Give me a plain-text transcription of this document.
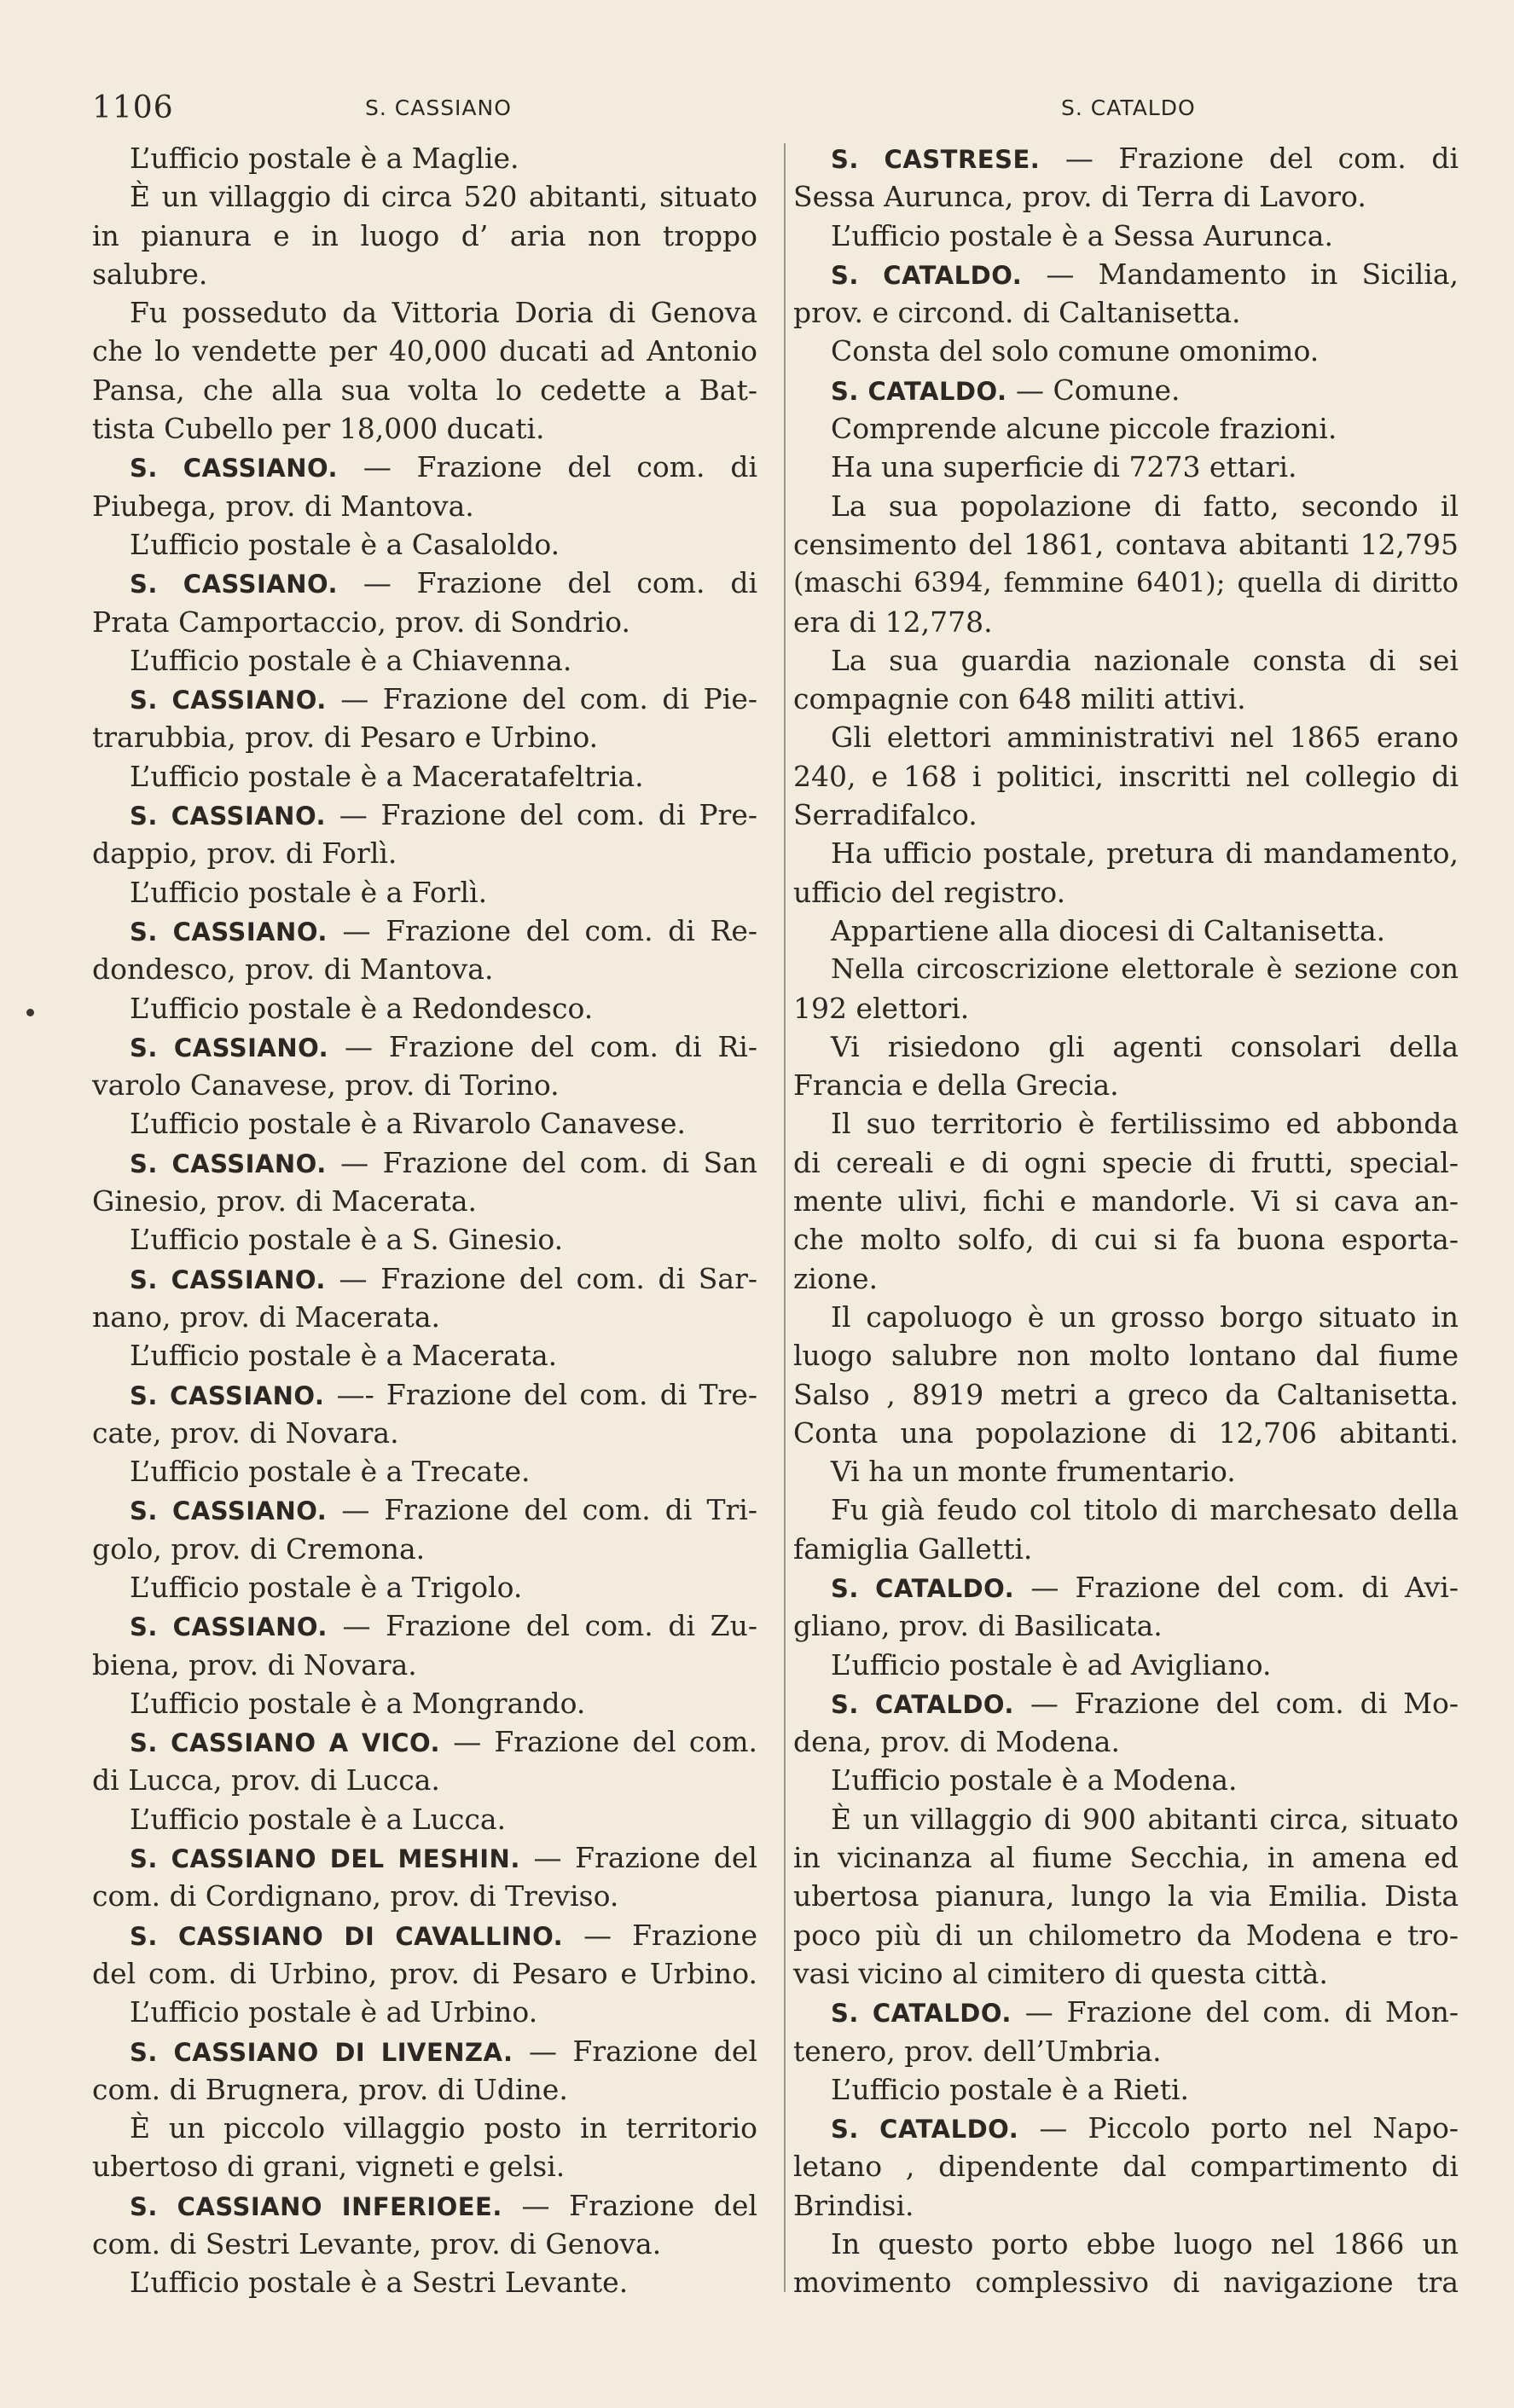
1106	S. CASSIANO	S. CATALDO
L’ufficio postale è a Maglie.
È un villaggio di circa 520 abitanti, situato
in pianura e in luogo d’ aria non troppo
salubre.
Fu posseduto da Vittoria Doria di Genova
che lo vendette per 40,000 ducati ad Antonio
Pansa, che alla sua volta lo cedette a Bat-
tista Cubello per 18,000 ducati.
S. CASSIANO. — Frazione del com. di
Piubega, prov. di Mantova.
L’ufficio postale è a Casaloldo.
S. CASSIANO. — Frazione del com. di
Prata Camportaccio, prov. di Sondrio.
L’ufficio postale è a Chiavenna.
S. CASSIANO. — Frazione del com. di Pie-
trarubbia, prov. di Pesaro e Urbino.
L’ufficio postale è a Maceratafeltria.
S. CASSIANO. — Frazione del com. di Pre-
dappio, prov. di Forlì.
L’ufficio postale è a Forlì.
S. CASSIANO. — Frazione del com. di Re-
dondesco, prov. di Mantova.
L’ufficio postale è a Redondesco.
S. CASSIANO. — Frazione del com. di Ri-
varolo Canavese, prov. di Torino.
L’ufficio postale è a Rivarolo Canavese.
S. CASSIANO. — Frazione del com. di San
Ginesio, prov. di Macerata.
L’ufficio postale è a S. Ginesio.
S. CASSIANO. — Frazione del com. di Sar-
nano, prov. di Macerata.
L’ufficio postale è a Macerata.
S. CASSIANO. —- Frazione del com. di Tre-
cate, prov. di Novara.
L’ufficio postale è a Trecate.
S. CASSIANO. — Frazione del com. di Tri-
golo, prov. di Cremona.
L’ufficio postale è a Trigolo.
S. CASSIANO. — Frazione del com. di Zu-
biena, prov. di Novara.
L’ufficio postale è a Mongrando.
S. CASSIANO A VICO. — Frazione del com.
di Lucca, prov. di Lucca.
L’ufficio postale è a Lucca.
S. CASSIANO DEL MESHIN. — Frazione del
com. di Cordignano, prov. di Treviso.
S. CASSIANO DI CAVALLINO. — Frazione
del com. di Urbino, prov. di Pesaro e Urbino.
L’ufficio postale è ad Urbino.
S. CASSIANO DI LIVENZA. — Frazione del
com. di Brugnera, prov. di Udine.
È un piccolo villaggio posto in territorio
ubertoso di grani, vigneti e gelsi.
S. CASSIANO INFERIOEE. — Frazione del
com. di Sestri Levante, prov. di Genova.
L’ufficio postale è a Sestri Levante.
S. CASTRESE. — Frazione del com. di
Sessa Aurunca, prov. di Terra di Lavoro.
L’ufficio postale è a Sessa Aurunca.
S. CATALDO. — Mandamento in Sicilia,
prov. e circond. di Caltanisetta.
Consta del solo comune omonimo.
S. CATALDO. — Comune.
Comprende alcune piccole frazioni.
Ha una superficie di 7273 ettari.
La sua popolazione di fatto, secondo il
censimento del 1861, contava abitanti 12,795
(maschi 6394, femmine 6401); quella di diritto
era di 12,778.
La sua guardia nazionale consta di sei
compagnie con 648 militi attivi.
Gli elettori amministrativi nel 1865 erano
240, e 168 i politici, inscritti nel collegio di
Serradifalco.
Ha ufficio postale, pretura di mandamento,
ufficio del registro.
Appartiene alla diocesi di Caltanisetta.
Nella circoscrizione elettorale è sezione con
192 elettori.
Vi risiedono gli agenti consolari della
Francia e della Grecia.
Il suo territorio è fertilissimo ed abbonda
di cereali e di ogni specie di frutti, special-
mente ulivi, fichi e mandorle. Vi si cava an-
che molto solfo, di cui si fa buona esporta-
zione.
Il capoluogo è un grosso borgo situato in
luogo salubre non molto lontano dal fiume
Salso , 8919 metri a greco da Caltanisetta.
Conta una popolazione di 12,706 abitanti.
Vi ha un monte frumentario.
Fu già feudo col titolo di marchesato della
famiglia Galletti.
S. CATALDO. — Frazione del com. di Avi-
gliano, prov. di Basilicata.
L’ufficio postale è ad Avigliano.
S. CATALDO. — Frazione del com. di Mo-
dena, prov. di Modena.
L’ufficio postale è a Modena.
È un villaggio di 900 abitanti circa, situato
in vicinanza al fiume Secchia, in amena ed
ubertosa pianura, lungo la via Emilia. Dista
poco più di un chilometro da Modena e tro-
vasi vicino al cimitero di questa città.
S. CATALDO. — Frazione del com. di Mon-
tenero, prov. dell’Umbria.
L’ufficio postale è a Rieti.
S. CATALDO. — Piccolo porto nel Napo-
letano , dipendente dal compartimento di
Brindisi.
In questo porto ebbe luogo nel 1866 un
movimento complessivo di navigazione tra
